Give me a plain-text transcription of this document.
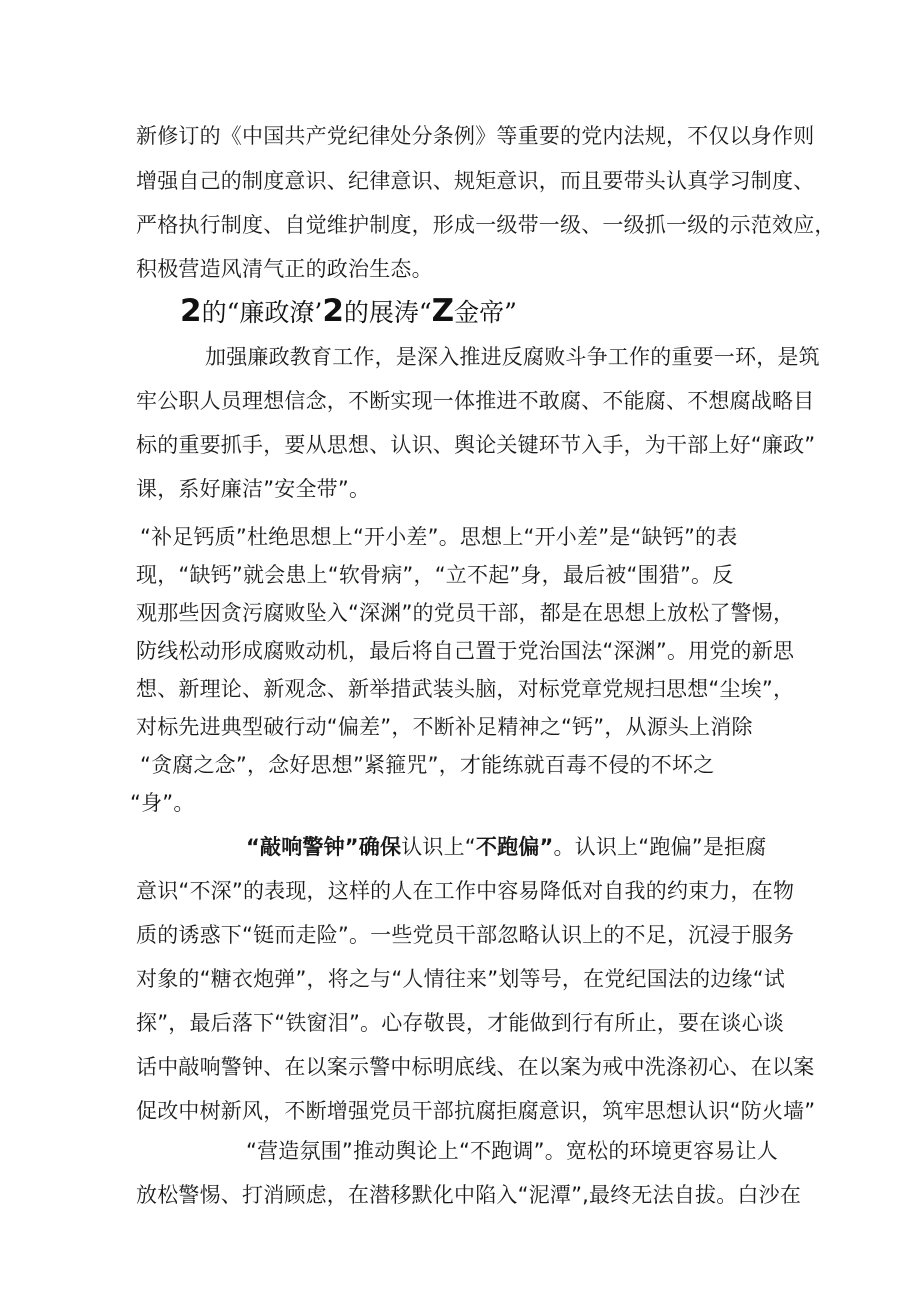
新修订的《中国共产党纪律处分条例》等重要的党内法规，不仅以身作则
增强自己的制度意识、纪律意识、规矩意识，而且要带头认真学习制度、
严格执行制度、自觉维护制度，形成一级带一级、一级抓一级的示范效应，
积极营造风清气正的政治生态。
2的“廉政潦’2的展涛“Z金帝”
加强廉政教育工作，是深入推进反腐败斗争工作的重要一环，是筑
牢公职人员理想信念，不断实现一体推进不敢腐、不能腐、不想腐战略目
标的重要抓手，要从思想、认识、舆论关键环节入手，为干部上好“廉政”
课，系好廉洁”安全带”。
“补足钙质”杜绝思想上“开小差”。思想上“开小差”是“缺钙”的表
现，“缺钙”就会患上“软骨病”，“立不起”身，最后被“围猎”。反
观那些因贪污腐败坠入“深渊”的党员干部，都是在思想上放松了警惕，
防线松动形成腐败动机，最后将自己置于党治国法“深渊”。用党的新思
想、新理论、新观念、新举措武装头脑，对标党章党规扫思想“尘埃”，
对标先进典型破行动“偏差”，不断补足精神之“钙”，从源头上消除
“贪腐之念”，念好思想”紧箍咒”，才能练就百毒不侵的不坏之
“身”。
“敲响警钟”确保认识上“不跑偏”。认识上“跑偏”是拒腐
意识“不深”的表现，这样的人在工作中容易降低对自我的约束力，在物
质的诱惑下“铤而走险”。一些党员干部忽略认识上的不足，沉浸于服务
对象的“糖衣炮弹”，将之与“人情往来”划等号，在党纪国法的边缘“试
探”，最后落下“铁窗泪”。心存敬畏，才能做到行有所止，要在谈心谈
话中敲响警钟、在以案示警中标明底线、在以案为戒中洗涤初心、在以案
促改中树新风，不断增强党员干部抗腐拒腐意识，筑牢思想认识“防火墙”
“营造氛围”推动舆论上“不跑调”。宽松的环境更容易让人
放松警惕、打消顾虑，在潜移默化中陷入“泥潭”,最终无法自拔。白沙在
